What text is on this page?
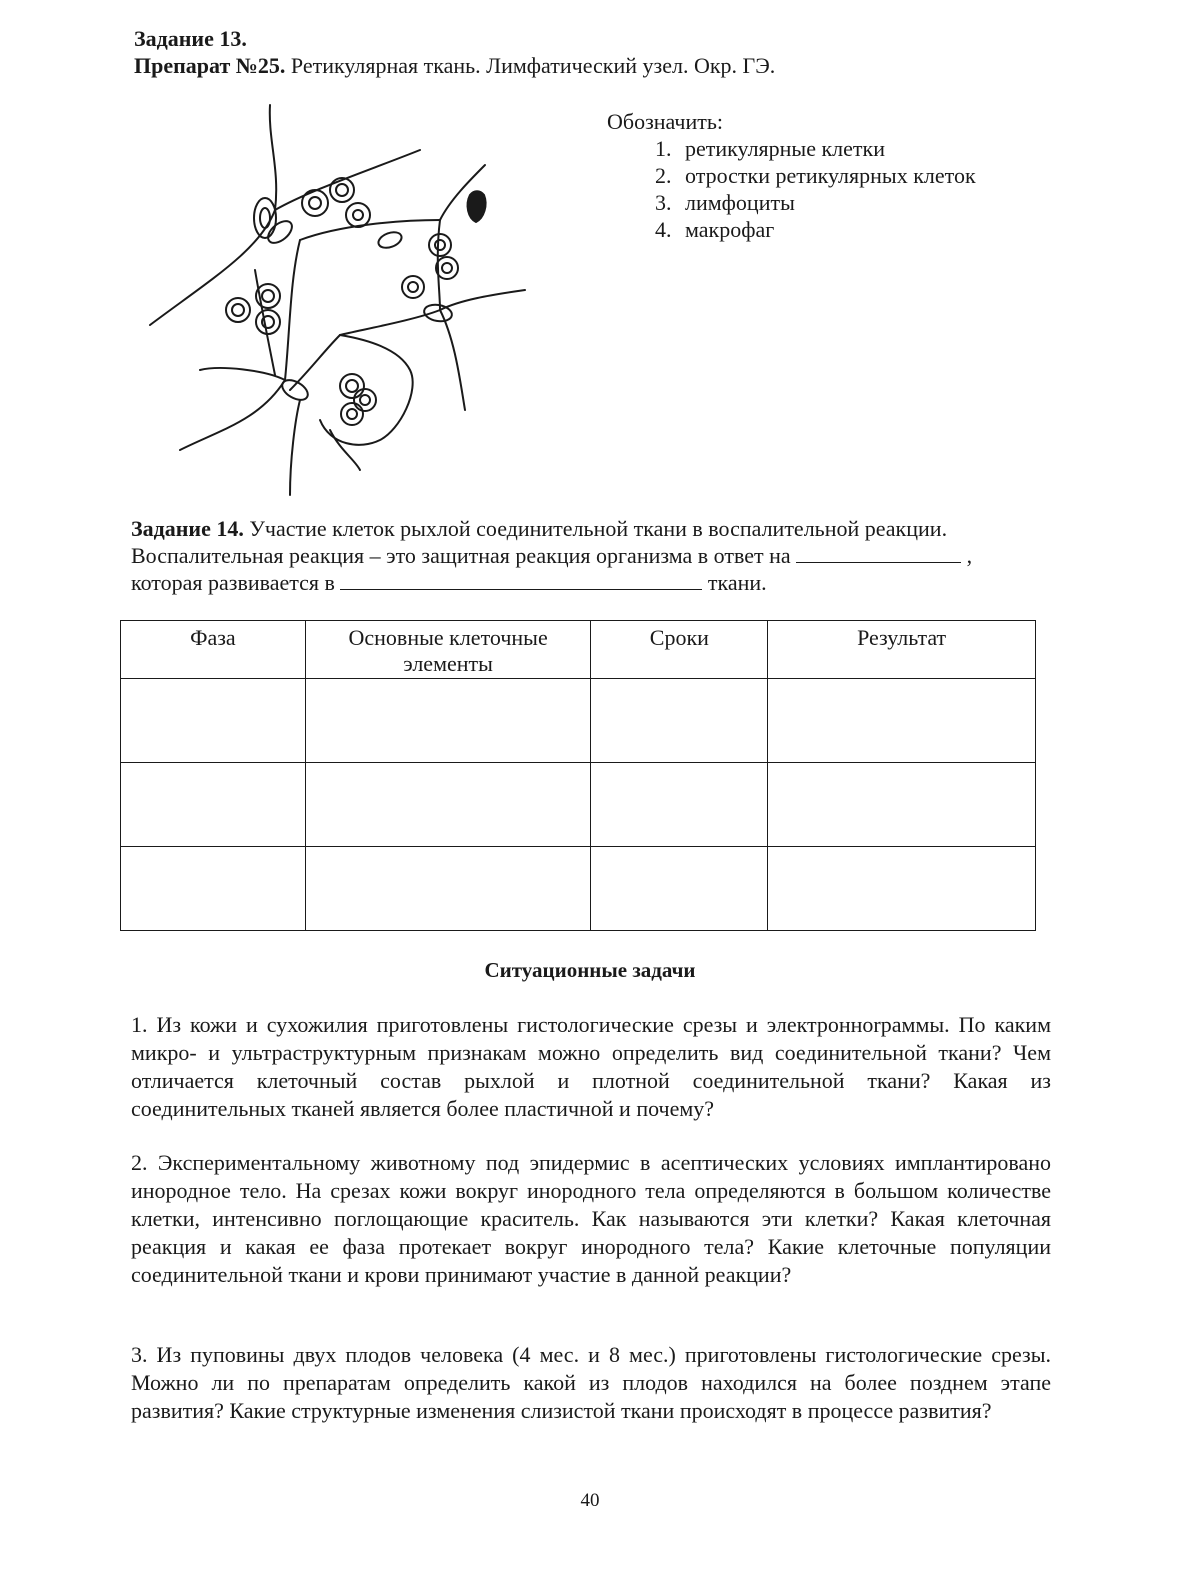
Задание 13.
Препарат №25. Ретикулярная ткань. Лимфатический узел. Окр. ГЭ.
Обозначить:
1. ретикулярные клетки
2. отростки ретикулярных клеток
3. лимфоциты
4. макрофаг
Задание 14. Участие клеток рыхлой соединительной ткани в воспалительной реакции.
Воспалительная реакция – это защитная реакция организма в ответ на	,
которая развивается в	ткани.
Фаза	Основные клеточные элементы	Сроки	Результат

Ситуационные задачи
1. Из кожи и сухожилия приготовлены гистологические срезы и электронноrраммы. По каким микро- и ультраструктурным признакам можно определить вид соединительной ткани? Чем отличается клеточный состав рыхлой и плотной соединительной ткани? Какая из соединительных тканей является более пластичной и почему?
2. Экспериментальному животному под эпидермис в асептических условиях имплантировано инородное тело. На срезах кожи вокруг инородного тела определяются в большом количестве клетки, интенсивно поглощающие краситель. Как называются эти клетки? Какая клеточная реакция и какая ее фаза протекает вокруг инородного тела? Какие клеточные популяции соединительной ткани и крови принимают участие в данной реакции?
3. Из пуповины двух плодов человека (4 мес. и 8 мес.) приготовлены гистологические срезы. Можно ли по препаратам определить какой из плодов находился на более позднем этапе развития? Какие структурные изменения слизистой ткани происходят в процессе развития?
40
